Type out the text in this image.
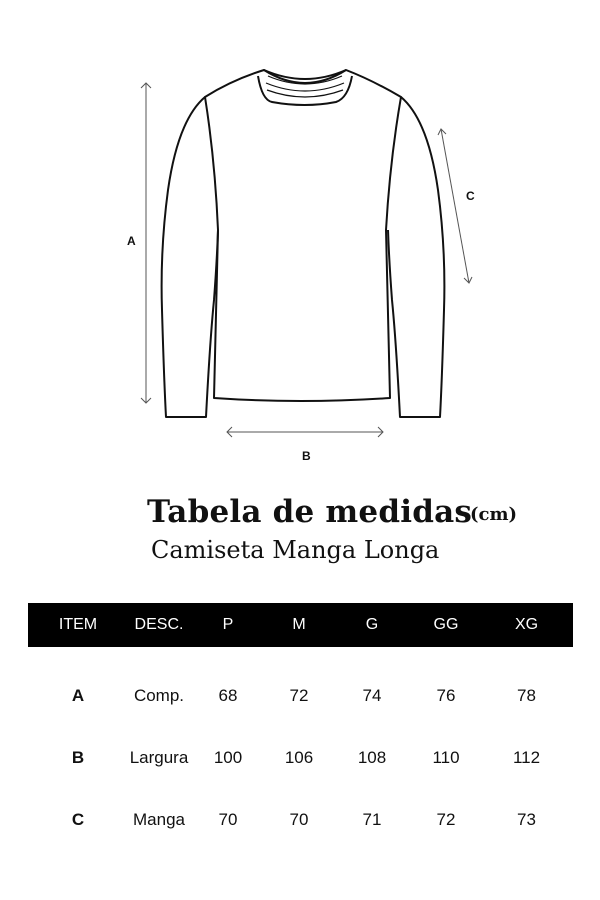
A
B
C
Tabela de medidas
(cm)
Camiseta Manga Longa
ITEM	DESC.	P	M	G	GG	XG

A	Comp.	68	72	74	76	78
B	Largura	100	106	108	110	112
C	Manga	70	70	71	72	73
